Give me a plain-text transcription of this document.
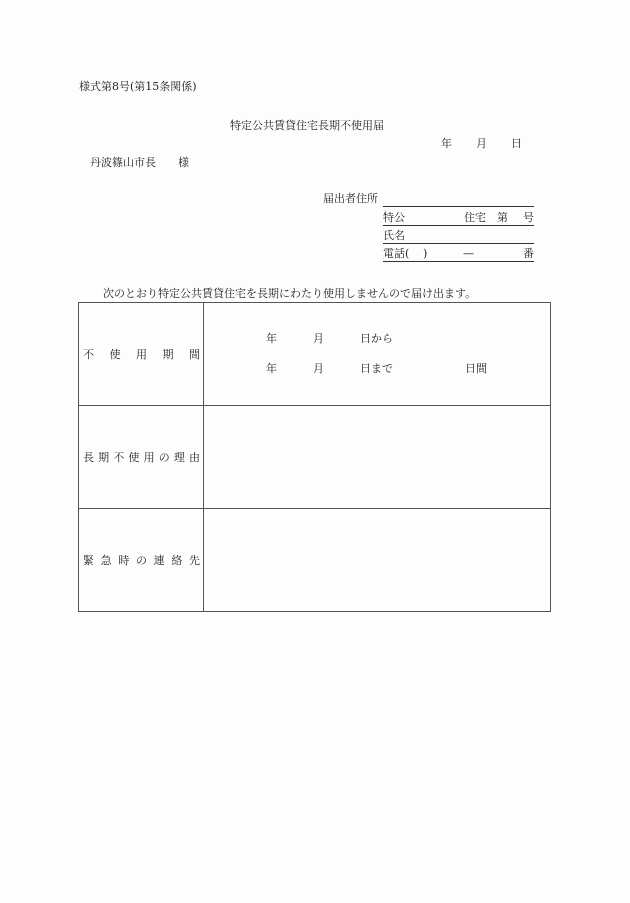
様式第8号(第15条関係)
特定公共賃貸住宅長期不使用届
年 月 日
丹波篠山市長 様
届出者住所
特公	住宅 第 号
氏名
電話( )	—	番
次のとおり特定公共賃貸住宅を長期にわたり使用しませんので届け出ます。
不使用期間	
年	月	日から
年	月	日まで	日間

長期不使用の理由	
緊急時の連絡先	
